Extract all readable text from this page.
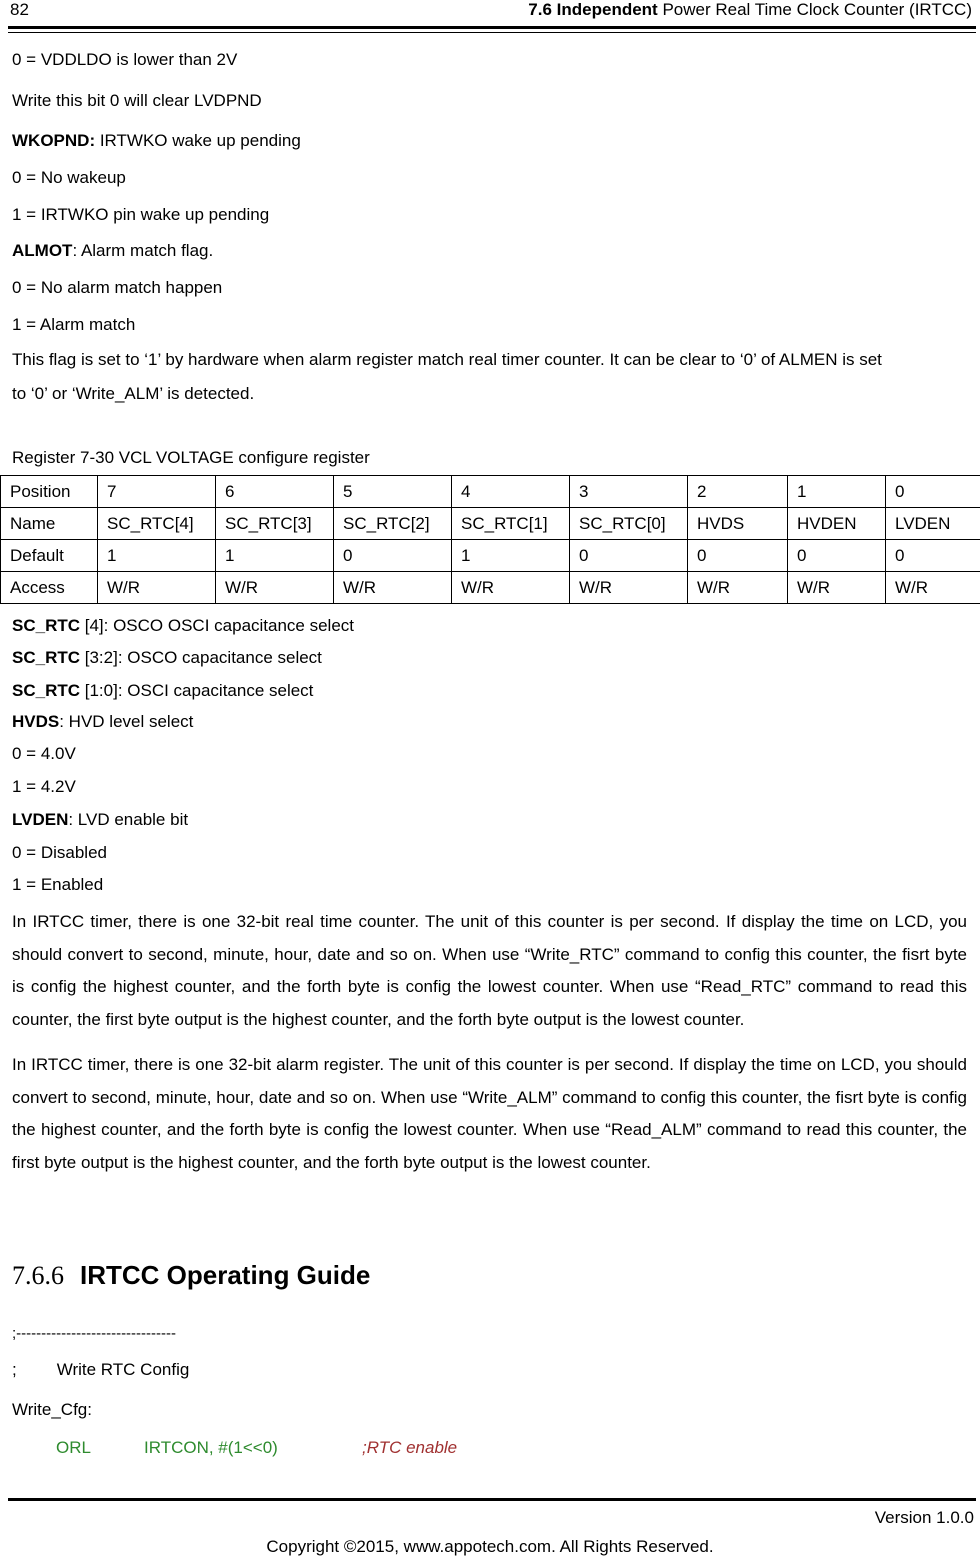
82	7.6 Independent Power Real Time Clock Counter (IRTCC)
0 = VDDLDO is lower than 2V
Write this bit 0 will clear LVDPND
WKOPND: IRTWKO wake up pending
0 = No wakeup
1 = IRTWKO pin wake up pending
ALMOT: Alarm match flag.
0 = No alarm match happen
1 = Alarm match
This flag is set to ‘1’ by hardware when alarm register match real timer counter. It can be clear to ‘0’ of ALMEN is set
to ‘0’ or ‘Write_ALM’ is detected.
Register 7-30 VCL VOLTAGE configure register
Position	7	6	5	4	3	2	1	0
Name	SC_RTC[4]	SC_RTC[3]	SC_RTC[2]	SC_RTC[1]	SC_RTC[0]	HVDS	HVDEN	LVDEN
Default	1	1	0	1	0	0	0	0
Access	W/R	W/R	W/R	W/R	W/R	W/R	W/R	W/R
SC_RTC [4]: OSCO OSCI capacitance select
SC_RTC [3:2]: OSCO capacitance select
SC_RTC [1:0]: OSCI capacitance select
HVDS: HVD level select
0 = 4.0V
1 = 4.2V
LVDEN: LVD enable bit
0 = Disabled
1 = Enabled
In IRTCC timer, there is one 32-bit real time counter. The unit of this counter is per second. If display the time on LCD, you should convert to second, minute, hour, date and so on. When use “Write_RTC” command to config this counter, the fisrt byte is config the highest counter, and the forth byte is config the lowest counter. When use “Read_RTC” command to read this counter, the first byte output is the highest counter, and the forth byte output is the lowest counter.
In IRTCC timer, there is one 32-bit alarm register. The unit of this counter is per second. If display the time on LCD, you should convert to second, minute, hour, date and so on. When use “Write_ALM” command to config this counter, the fisrt byte is config the highest counter, and the forth byte is config the lowest counter. When use “Read_ALM” command to read this counter, the first byte output is the highest counter, and the forth byte output is the lowest counter.
7.6.6 IRTCC Operating Guide
;--------------------------------
; Write RTC Config
Write_Cfg:
ORL	IRTCON, #(1<<0)	;RTC enable
Version 1.0.0
Copyright ©2015, www.appotech.com. All Rights Reserved.
